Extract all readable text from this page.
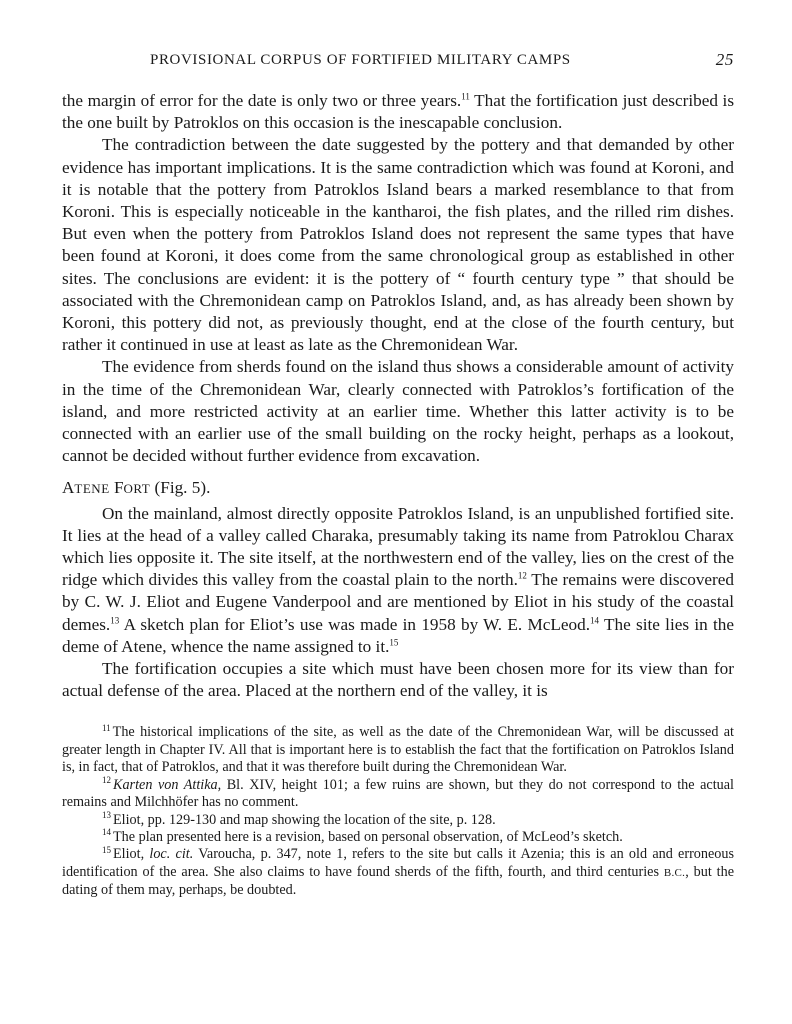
PROVISIONAL CORPUS OF FORTIFIED MILITARY CAMPS	25

the margin of error for the date is only two or three years.$^{11}$ That the fortification just described is the one built by Patroklos on this occasion is the inescapable conclusion.

The contradiction between the date suggested by the pottery and that demanded by other evidence has important implications. It is the same contradiction which was found at Koroni, and it is notable that the pottery from Patroklos Island bears a marked resemblance to that from Koroni. This is especially noticeable in the kantharoi, the fish plates, and the rilled rim dishes. But even when the pottery from Patroklos Island does not represent the same types that have been found at Koroni, it does come from the same chronological group as established in other sites. The conclusions are evident: it is the pottery of “ fourth century type ” that should be associated with the Chremonidean camp on Patroklos Island, and, as has already been shown by Koroni, this pottery did not, as previously thought, end at the close of the fourth century, but rather it continued in use at least as late as the Chremonidean War.

The evidence from sherds found on the island thus shows a considerable amount of activity in the time of the Chremonidean War, clearly connected with Patroklos’s fortification of the island, and more restricted activity at an earlier time. Whether this latter activity is to be connected with an earlier use of the small building on the rocky height, perhaps as a lookout, cannot be decided without further evidence from excavation.

ATENE FORT (Fig. 5).

On the mainland, almost directly opposite Patroklos Island, is an unpublished fortified site. It lies at the head of a valley called Charaka, presumably taking its name from Patroklou Charax which lies opposite it. The site itself, at the northwestern end of the valley, lies on the crest of the ridge which divides this valley from the coastal plain to the north.$^{12}$ The remains were discovered by C. W. J. Eliot and Eugene Vanderpool and are mentioned by Eliot in his study of the coastal demes.$^{13}$ A sketch plan for Eliot’s use was made in 1958 by W. E. McLeod.$^{14}$ The site lies in the deme of Atene, whence the name assigned to it.$^{15}$

The fortification occupies a site which must have been chosen more for its view than for actual defense of the area. Placed at the northern end of the valley, it is

$^{11}$ The historical implications of the site, as well as the date of the Chremonidean War, will be discussed at greater length in Chapter IV. All that is important here is to establish the fact that the fortification on Patroklos Island is, in fact, that of Patroklos, and that it was therefore built during the Chremonidean War.

$^{12}$ Karten von Attika, Bl. XIV, height 101; a few ruins are shown, but they do not correspond to the actual remains and Milchhöfer has no comment.

$^{13}$ Eliot, pp. 129-130 and map showing the location of the site, p. 128.

$^{14}$ The plan presented here is a revision, based on personal observation, of McLeod’s sketch.

$^{15}$ Eliot, loc. cit. Varoucha, p. 347, note 1, refers to the site but calls it Azenia; this is an old and erroneous identification of the area. She also claims to have found sherds of the fifth, fourth, and third centuries B.C., but the dating of them may, perhaps, be doubted.
